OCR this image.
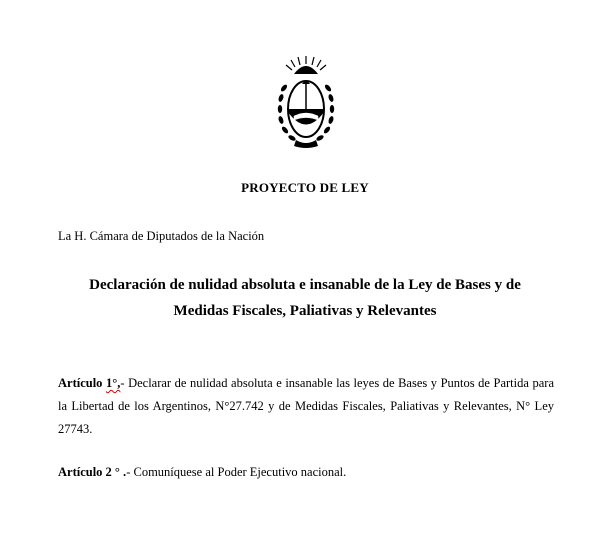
PROYECTO DE LEY
La H. Cámara de Diputados de la Nación
Declaración de nulidad absoluta e insanable de la Ley de Bases y de
Medidas Fiscales, Paliativas y Relevantes
Artículo 1°,- Declarar de nulidad absoluta e insanable las leyes de Bases y Puntos de Partida para la Libertad de los Argentinos, N°27.742 y de Medidas Fiscales, Paliativas y Relevantes, N° Ley 27743.
Artículo 2 ° .- Comuníquese al Poder Ejecutivo nacional.
